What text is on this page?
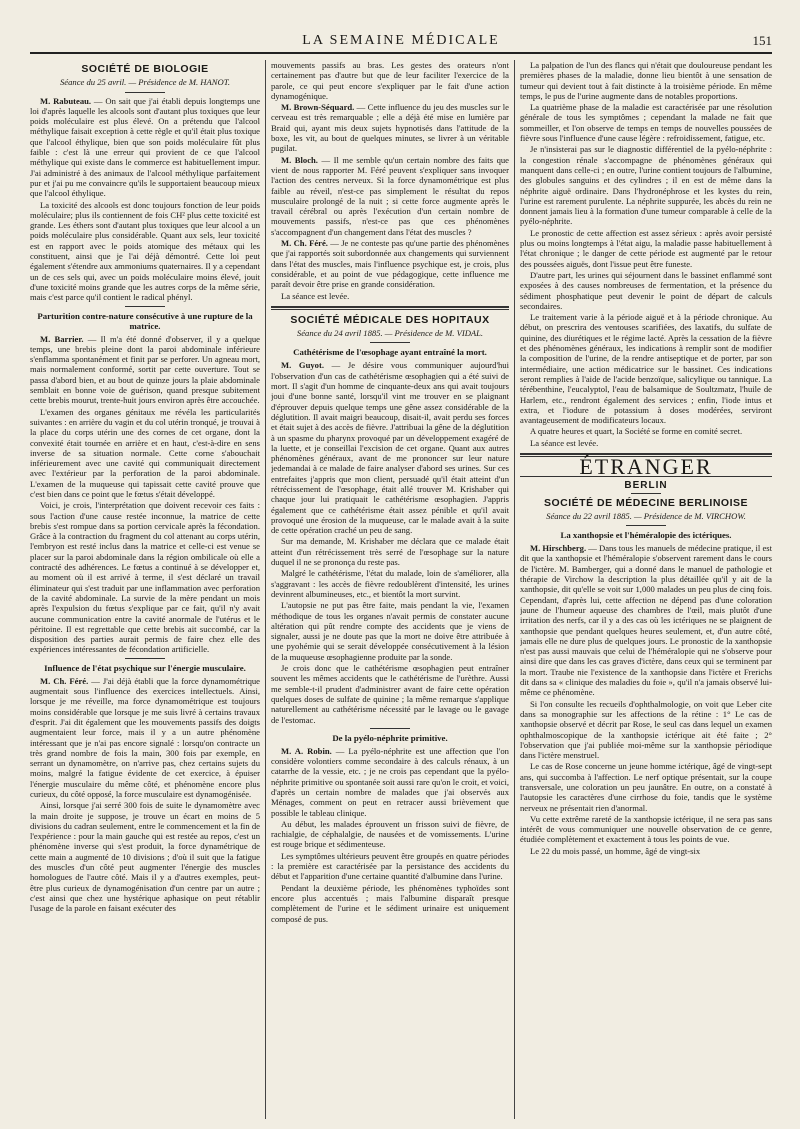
LA SEMAINE MÉDICALE	151
SOCIÉTÉ DE BIOLOGIE
Séance du 25 avril. — Présidence de M. HANOT.

M. Rabuteau. — On sait que j'ai établi depuis longtemps une loi d'après laquelle les alcools sont d'autant plus toxiques que leur poids moléculaire est plus élevé. On a prétendu que l'alcool méthylique faisait exception à cette règle et qu'il était plus toxique que l'alcool éthylique, bien que son poids moléculaire fût plus faible : c'est là une erreur qui provient de ce que l'alcool méthylique qui existe dans le commerce est habituellement impur. J'ai administré à des animaux de l'alcool méthylique parfaitement pur et j'ai pu me convaincre qu'ils le supportaient beaucoup mieux que l'alcool éthylique.

La toxicité des alcools est donc toujours fonction de leur poids moléculaire; plus ils contiennent de fois CH² plus cette toxicité est grande. Les éthers sont d'autant plus toxiques que leur alcool a un poids moléculaire plus considérable. Quant aux sels, leur toxicité est en rapport avec le poids atomique des métaux qui les constituent, ainsi que je l'ai déjà démontré. Cette loi peut également s'étendre aux ammoniums quaternaires. Il y a cependant un de ces sels qui, avec un poids moléculaire moins élevé, jouit d'une toxicité moins grande que les autres corps de la même série, mais c'est parce qu'il contient le radical phényl.

Parturition contre-nature consécutive à une rupture de la matrice.

M. Barrier. — Il m'a été donné d'observer, il y a quelque temps, une brebis pleine dont la paroi abdominale inférieure s'enflamma spontanément et finit par se perforer. Un agneau mort, mais normalement conformé, sortit par cette ouverture. Tout se passa d'abord bien, et au bout de quinze jours la plaie abdominale semblait en bonne voie de guérison, quand presque subitement cette brebis mourut, trente-huit jours environ après être accouchée.

L'examen des organes génitaux me révéla les particularités suivantes : en arrière du vagin et du col utérin tronqué, je trouvai à la place du corps utérin une des cornes de cet organe, dont la convexité était tournée en arrière et en haut, c'est-à-dire en sens inverse de sa situation normale. Cette corne s'abouchait inférieurement avec une cavité qui communiquait directement avec l'extérieur par la perforation de la paroi abdominale. L'examen de la muqueuse qui tapissait cette cavité prouve que c'est bien dans ce point que le fœtus s'était développé.

Voici, je crois, l'interprétation que doivent recevoir ces faits : sous l'action d'une cause restée inconnue, la matrice de cette brebis s'est rompue dans sa portion cervicale après la fécondation. Grâce à la contraction du fragment du col attenant au corps utérin, l'embryon est resté inclus dans la matrice et celle-ci est venue se placer sur la paroi abdominale dans la région ombilicale où elle a contracté des adhérences. Le fœtus a continué à se développer et, au moment où il est arrivé à terme, il s'est déclaré un travail éliminateur qui s'est traduit par une inflammation avec perforation de la cavité abdominale. La survie de la mère pendant un mois après l'expulsion du fœtus s'explique par ce fait, qu'il n'y avait aucune communication entre la cavité anormale de l'utérus et le péritoine. Il est regrettable que cette brebis ait succombé, car la disposition des parties aurait permis de faire chez elle des expériences intéressantes de fécondation artificielle.

Influence de l'état psychique sur l'énergie musculaire.

M. Ch. Féré. — J'ai déjà établi que la force dynamométrique augmentait sous l'influence des exercices intellectuels. Ainsi, lorsque je me réveille, ma force dynamométrique est toujours moins considérable que lorsque je me suis livré à certains travaux d'esprit. J'ai dit également que les mouvements passifs des doigts augmentaient leur force, mais il y a un autre phénomène intéressant que je n'ai pas encore signalé : lorsqu'on contracte un très grand nombre de fois la main, 300 fois par exemple, en serrant un dynamomètre, on n'arrive pas, chez certains sujets du moins, malgré la fatigue évidente de cet exercice, à épuiser l'énergie musculaire du même côté, et phénomène encore plus curieux, du côté opposé, la force musculaire est dynamogénisée.

Ainsi, lorsque j'ai serré 300 fois de suite le dynamomètre avec la main droite je suppose, je trouve un écart en moins de 5 divisions du cadran seulement, entre le commencement et la fin de l'expérience : pour la main gauche qui est restée au repos, c'est un phénomène inverse qui s'est produit, la force dynamétrique de cette main a augmenté de 10 divisions ; d'où il suit que la fatigue des muscles d'un côté peut augmenter l'énergie des muscles homologues de l'autre côté. Mais il y a d'autres exemples, peut-être plus curieux de dynamogénisation d'un centre par un autre ; c'est ainsi que chez une hystérique aphasique on peut rétablir l'usage de la parole en faisant exécuter des

mouvements passifs au bras. Les gestes des orateurs n'ont certainement pas d'autre but que de leur faciliter l'exercice de la parole, ce qui peut encore s'expliquer par le fait d'une action dynamogénique.

M. Brown-Séquard. — Cette influence du jeu des muscles sur le cerveau est très remarquable ; elle a déjà été mise en lumière par Braid qui, ayant mis deux sujets hypnotisés dans l'attitude de la boxe, les vit, au bout de quelques minutes, se livrer à un véritable pugilat.

M. Bloch. — Il me semble qu'un certain nombre des faits que vient de nous rapporter M. Féré peuvent s'expliquer sans invoquer l'action des centres nerveux. Si la force dynamométrique est plus faible au réveil, n'est-ce pas simplement le résultat du repos musculaire prolongé de la nuit ; si cette force augmente après le travail cérébral ou après l'exécution d'un certain nombre de mouvements passifs, n'est-ce pas que ces phénomènes s'accompagnent d'un changement dans l'état des muscles ?

M. Ch. Féré. — Je ne conteste pas qu'une partie des phénomènes que j'ai rapportés soit subordonnée aux changements qui surviennent dans l'état des muscles, mais l'influence psychique est, je crois, plus considérable, et au point de vue pédagogique, cette influence me paraît devoir être prise en grande considération.

La séance est levée.

SOCIÉTÉ MÉDICALE DES HOPITAUX
Séance du 24 avril 1885. — Présidence de M. VIDAL.
Cathétérisme de l'œsophage ayant entraîné la mort.

M. Guyot. — Je désire vous communiquer aujourd'hui l'observation d'un cas de cathétérisme œsophagien qui a été suivi de mort. Il s'agit d'un homme de cinquante-deux ans qui avait toujours joui d'une bonne santé, lorsqu'il vint me trouver en se plaignant d'éprouver depuis quelque temps une gêne assez considérable de la déglutition. Il avait maigri beaucoup, disait-il, avait perdu ses forces et était sujet à des accès de fièvre. J'attribuai la gêne de la déglutition à un spasme du pharynx provoqué par un développement exagéré de la luette, et je conseillai l'excision de cet organe. Quant aux autres phénomènes généraux, avant de me prononcer sur leur nature jedemandai à ce malade de faire analyser d'abord ses urines. Sur ces entrefaites j'appris que mon client, persuadé qu'il était atteint d'un rétrécissement de l'œsophage, était allé trouver M. Krishaber qui chaque jour lui pratiquait le cathétérisme œsophagien. J'appris également que ce cathétérisme était assez pénible et qu'il avait provoqué une érosion de la muqueuse, car le malade avait à la suite de cette opération craché un peu de sang.

Sur ma demande, M. Krishaber me déclara que ce malade était atteint d'un rétrécissement très serré de l'œsophage sur la nature duquel il ne se prononça du reste pas.

Malgré le cathétérisme, l'état du malade, loin de s'améliorer, alla s'aggravant : les accès de fièvre redoublèrent d'intensité, les urines devinrent albumineuses, etc., et bientôt la mort survint.

L'autopsie ne put pas être faite, mais pendant la vie, l'examen méthodique de tous les organes n'avait permis de constater aucune altération qui pût rendre compte des accidents que je viens de signaler, aussi je ne doute pas que la mort ne doive être attribuée à une pyohémie qui se serait développée consécutivement à la lésion de la muqueuse œsophagienne produite par la sonde.

Je crois donc que le cathétérisme œsophagien peut entraîner souvent les mêmes accidents que le cathétérisme de l'urèthre. Aussi me semble-t-il prudent d'administrer avant de faire cette opération quelques doses de sulfate de quinine ; la même remarque s'applique naturellement au cathétérisme nécessité par le lavage ou le gavage de l'estomac.

De la pyélo-néphrite primitive.

M. A. Robin. — La pyélo-néphrite est une affection que l'on considère volontiers comme secondaire à des calculs rénaux, à un catarrhe de la vessie, etc. ; je ne crois pas cependant que la pyélo-néphrite primitive ou spontanée soit aussi rare qu'on le croit, et voici, d'après un certain nombre de malades que j'ai observés aux Ménages, comment on peut en retracer aussi brièvement que possible le tableau clinique.

Au début, les malades éprouvent un frisson suivi de fièvre, de rachialgie, de céphalalgie, de nausées et de vomissements. L'urine est rouge brique et sédimenteuse.

Les symptômes ultérieurs peuvent être groupés en quatre périodes : la première est caractérisée par la persistance des accidents du début et l'apparition d'une certaine quantité d'albumine dans l'urine.

Pendant la deuxième période, les phénomènes typhoïdes sont encore plus accentués ; mais l'albumine disparaît presque complètement de l'urine et le sédiment urinaire est uniquement composé de pus.

La palpation de l'un des flancs qui n'était que douloureuse pendant les premières phases de la maladie, donne lieu bientôt à une sensation de tumeur qui devient tout à fait distincte à la troisième période. En même temps, le pus de l'urine augmente dans de notables proportions.

La quatrième phase de la maladie est caractérisée par une résolution générale de tous les symptômes ; cependant la malade ne fait que sommeiller, et l'on observe de temps en temps de nouvelles poussées de fièvre sous l'influence d'une cause légère : refroidissement, fatigue, etc.

Je n'insisterai pas sur le diagnostic différentiel de la pyélo-néphrite : la congestion rénale s'accompagne de phénomènes généraux qui manquent dans celle-ci ; en outre, l'urine contient toujours de l'albumine, des globules sanguins et des cylindres ; il en est de même dans la néphrite aiguë ordinaire. Dans l'hydronéphrose et les kystes du rein, l'urine est rarement purulente. La néphrite suppurée, les abcès du rein ne donnent jamais lieu à la formation d'une tumeur comparable à celle de la pyélo-néphrite.

Le pronostic de cette affection est assez sérieux : après avoir persisté plus ou moins longtemps à l'état aigu, la maladie passe habituellement à l'état chronique ; le danger de cette période est augmenté par le retour des poussées aiguës, dont l'issue peut être funeste.

D'autre part, les urines qui séjournent dans le bassinet enflammé sont exposées à des causes nombreuses de fermentation, et la présence du sédiment phosphatique peut devenir le point de départ de calculs secondaires.

Le traitement varie à la période aiguë et à la période chronique. Au début, on prescrira des ventouses scarifiées, des laxatifs, du sulfate de quinine, des diurétiques et le régime lacté. Après la cessation de la fièvre et des phénomènes généraux, les indications à remplir sont de modifier la composition de l'urine, de la rendre antiseptique et de porter, par son intermédiaire, une action médicatrice sur le bassinet. Ces indications seront remplies à l'aide de l'acide benzoïque, salicylique ou tannique. La térébenthine, l'eucalyptol, l'eau de balsamique de Soultzmatz, l'huile de Harlem, etc., rendront également des services ; enfin, l'iode intus et extra, et l'iodure de potassium à doses modérées, serviront avantageusement de modificateurs locaux.

A quatre heures et quart, la Société se forme en comité secret.

La séance est levée.

ÉTRANGER
BERLIN
SOCIÉTÉ DE MÉDECINE BERLINOISE
Séance du 22 avril 1885. — Présidence de M. VIRCHOW.
La xanthopsie et l'héméralopie des ictériques.

M. Hirschberg. — Dans tous les manuels de médecine pratique, il est dit que la xanthopsie et l'héméralopie s'observent rarement dans le cours de l'ictère. M. Bamberger, qui a donné dans le manuel de pathologie et thérapie de Virchow la description la plus détaillée qu'il y ait de la xanthopsie, dit qu'elle se voit sur 1,000 malades un peu plus de cinq fois. Cependant, d'après lui, cette affection ne dépend pas d'une coloration jaune de l'humeur aqueuse des chambres de l'œil, mais plutôt d'une irritation des nerfs, car il y a des cas où les ictériques ne se plaignent de xanthopsie que pendant quelques heures seulement, et, d'un autre côté, jamais elle ne dure plus de quelques jours. Le pronostic de la xanthopsie n'est pas aussi mauvais que celui de l'héméralopie qui ne s'observe pour ainsi dire que dans les cas graves d'ictère, dans ceux qui se terminent par la mort. Traube nie l'existence de la xanthopsie dans l'ictère et Frerichs dit dans sa « clinique des maladies du foie », qu'il n'a jamais observé lui-même ce phénomène.

Si l'on consulte les recueils d'ophthalmologie, on voit que Leber cite dans sa monographie sur les affections de la rétine : 1° Le cas de xanthopsie observé et décrit par Rose, le seul cas dans lequel un examen ophthalmoscopique de la xanthopsie ictérique ait été faite ; 2° l'observation que j'ai publiée moi-même sur la xanthopsie périodique dans l'ictère menstruel.

Le cas de Rose concerne un jeune homme ictérique, âgé de vingt-sept ans, qui succomba à l'affection. Le nerf optique présentait, sur la coupe transversale, une coloration un peu jaunâtre. En outre, on a constaté à l'autopsie les caractères d'une cirrhose du foie, tandis que le système nerveux ne présentait rien d'anormal.

Vu cette extrême rareté de la xanthopsie ictérique, il ne sera pas sans intérêt de vous communiquer une nouvelle observation de ce genre, étudiée complètement et exactement à tous les points de vue.

Le 22 du mois passé, un homme, âgé de vingt-six
